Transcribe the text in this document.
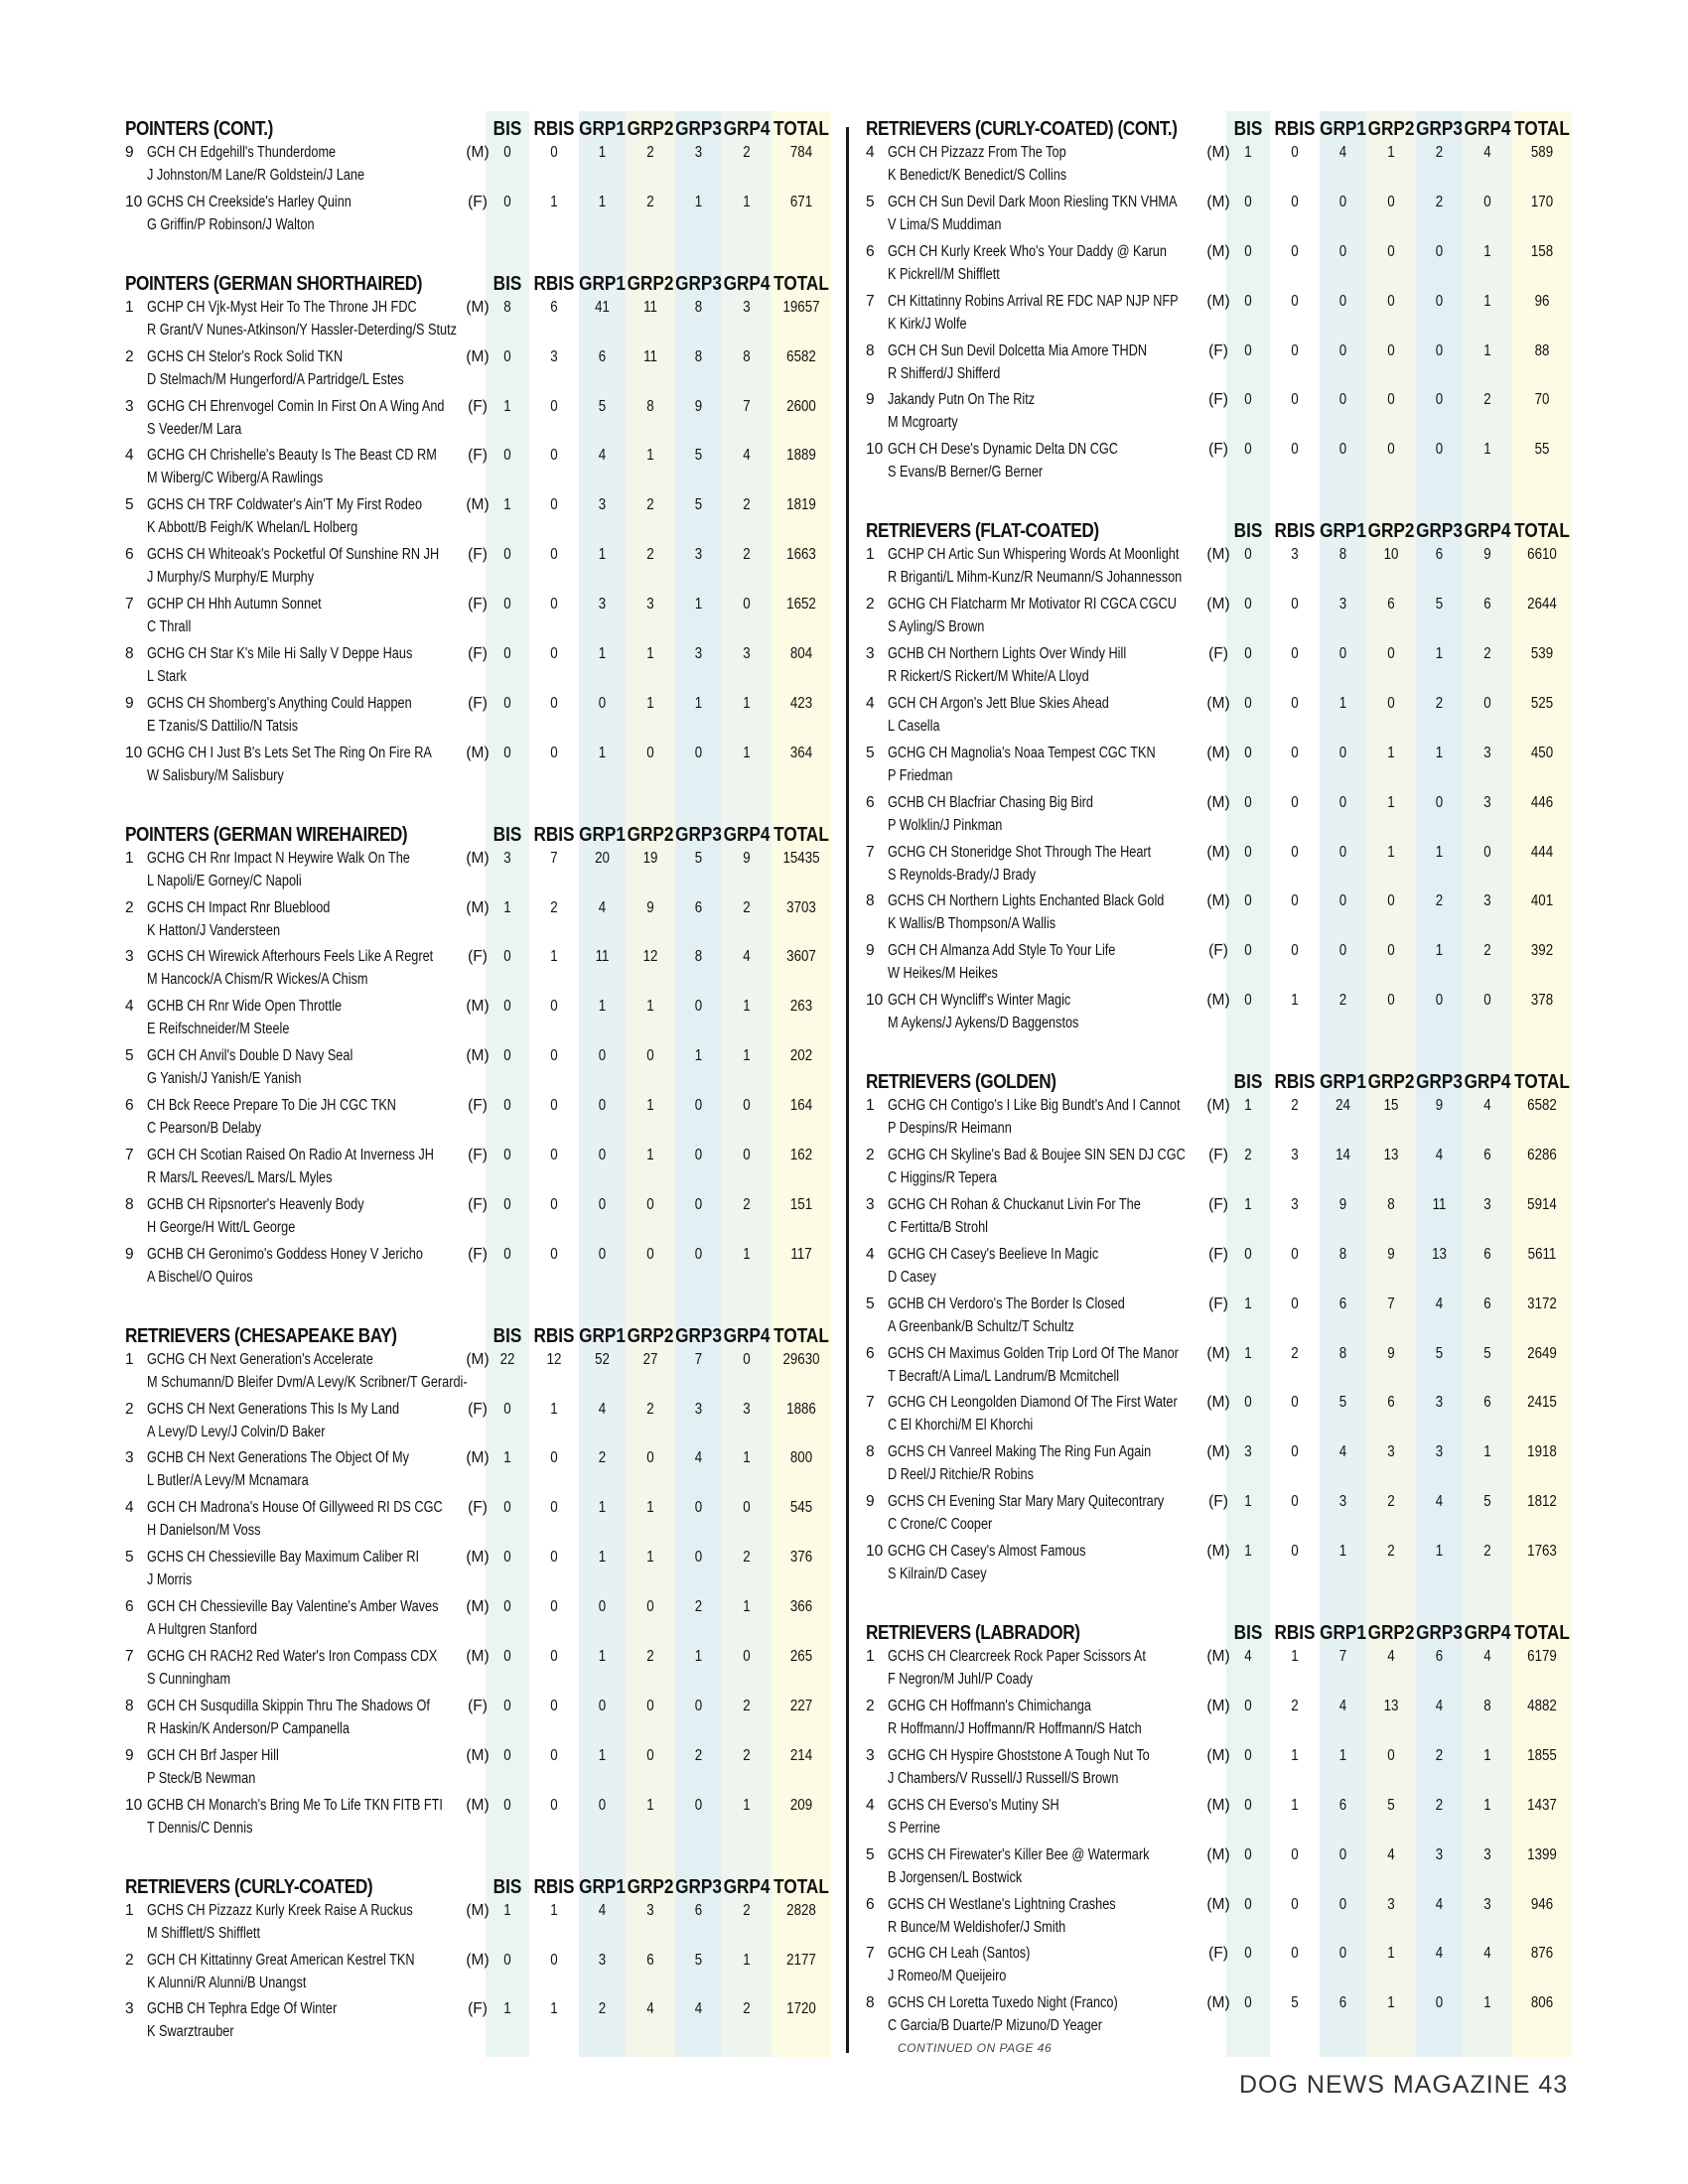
POINTERS (CONT.)	BIS RBIS GRP1 GRP2 GRP3 GRP4 TOTAL
9 GCH CH Edgehill's Thunderdome
J Johnston/M Lane/R Goldstein/J Lane
(M) 0	0	1	2	3	2	784
10 GCHS CH Creekside's Harley Quinn
G Griffin/P Robinson/J Walton
(F)	0	1	1	2	1	1	671
POINTERS (GERMAN SHORTHAIRED)	BIS RBIS GRP1 GRP2 GRP3 GRP4 TOTAL
1 GCHP CH Vjk-Myst Heir To The Throne JH FDC
R Grant/V Nunes-Atkinson/Y Hassler-Deterding/S Stutz
(M) 8	6	41	11	8	3	19657
2 GCHS CH Stelor's Rock Solid TKN
D Stelmach/M Hungerford/A Partridge/L Estes
(M) 0	3	6	11	8	8	6582
3 GCHG CH Ehrenvogel Comin In First On A Wing And
S Veeder/M Lara
(F)	1	0	5	8	9	7	2600
4 GCHG CH Chrishelle's Beauty Is The Beast CD RM
M Wiberg/C Wiberg/A Rawlings
(F)	0	0	4	1	5	4	1889
5 GCHS CH TRF Coldwater's Ain'T My First Rodeo
K Abbott/B Feigh/K Whelan/L Holberg
(M) 1	0	3	2	5	2	1819
6 GCHS CH Whiteoak's Pocketful Of Sunshine RN JH
J Murphy/S Murphy/E Murphy
(F)	0	0	1	2	3	2	1663
7 GCHP CH Hhh Autumn Sonnet
C Thrall
(F)	0	0	3	3	1	0	1652
8 GCHG CH Star K's Mile Hi Sally V Deppe Haus
L Stark
(F)	0	0	1	1	3	3	804
9 GCHS CH Shomberg's Anything Could Happen
E Tzanis/S Dattilio/N Tatsis
(F)	0	0	0	1	1	1	423
10 GCHG CH I Just B's Lets Set The Ring On Fire RA
W Salisbury/M Salisbury
(M) 0	0	1	0	0	1	364
POINTERS (GERMAN WIREHAIRED)	BIS RBIS GRP1 GRP2 GRP3 GRP4 TOTAL
1 GCHG CH Rnr Impact N Heywire Walk On The
L Napoli/E Gorney/C Napoli
(M) 3	7	20	19	5	9	15435
2 GCHS CH Impact Rnr Blueblood
K Hatton/J Vandersteen
(M) 1	2	4	9	6	2	3703
3 GCHS CH Wirewick Afterhours Feels Like A Regret
M Hancock/A Chism/R Wickes/A Chism
(F)	0	1	11	12	8	4	3607
4 GCHB CH Rnr Wide Open Throttle
E Reifschneider/M Steele
(M) 0	0	1	1	0	1	263
5 GCH CH Anvil's Double D Navy Seal
G Yanish/J Yanish/E Yanish
(M) 0	0	0	0	1	1	202
6 CH Bck Reece Prepare To Die JH CGC TKN
C Pearson/B Delaby
(F)	0	0	0	1	0	0	164
7 GCH CH Scotian Raised On Radio At Inverness JH
R Mars/L Reeves/L Mars/L Myles
(F)	0	0	0	1	0	0	162
8 GCHB CH Ripsnorter's Heavenly Body
H George/H Witt/L George
(F)	0	0	0	0	0	2	151
9 GCHB CH Geronimo's Goddess Honey V Jericho
A Bischel/O Quiros
(F)	0	0	0	0	0	1	117
RETRIEVERS (CHESAPEAKE BAY)	BIS RBIS GRP1 GRP2 GRP3 GRP4 TOTAL
1 GCHG CH Next Generation's Accelerate
M Schumann/D Bleifer Dvm/A Levy/K Scribner/T Gerardi-
(M) 22	12	52	27	7	0	29630
2 GCHS CH Next Generations This Is My Land
A Levy/D Levy/J Colvin/D Baker
(F)	0	1	4	2	3	3	1886
3 GCHB CH Next Generations The Object Of My
L Butler/A Levy/M Mcnamara
(M) 1	0	2	0	4	1	800
4 GCH CH Madrona's House Of Gillyweed RI DS CGC
H Danielson/M Voss
(F)	0	0	1	1	0	0	545
5 GCHS CH Chessieville Bay Maximum Caliber RI
J Morris
(M) 0	0	1	1	0	2	376
6 GCH CH Chessieville Bay Valentine's Amber Waves
A Hultgren Stanford
(M) 0	0	0	0	2	1	366
7 GCHG CH RACH2 Red Water's Iron Compass CDX
S Cunningham
(M) 0	0	1	2	1	0	265
8 GCH CH Susqudilla Skippin Thru The Shadows Of
R Haskin/K Anderson/P Campanella
(F)	0	0	0	0	0	2	227
9 GCH CH Brf Jasper Hill
P Steck/B Newman
(M) 0	0	1	0	2	2	214
10 GCHB CH Monarch's Bring Me To Life TKN FITB FTI
T Dennis/C Dennis
(M) 0	0	0	1	0	1	209
RETRIEVERS (CURLY-COATED)	BIS RBIS GRP1 GRP2 GRP3 GRP4 TOTAL
1 GCHS CH Pizzazz Kurly Kreek Raise A Ruckus
M Shifflett/S Shifflett
(M) 1	1	4	3	6	2	2828
2 GCH CH Kittatinny Great American Kestrel TKN
K Alunni/R Alunni/B Unangst
(M) 0	0	3	6	5	1	2177
3 GCHB CH Tephra Edge Of Winter
K Swarztrauber
(F)	1	1	2	4	4	2	1720
RETRIEVERS (CURLY-COATED) (CONT.)	BIS RBIS GRP1 GRP2 GRP3 GRP4 TOTAL
4 GCH CH Pizzazz From The Top
K Benedict/K Benedict/S Collins
(M) 1	0	4	1	2	4	589
5 GCH CH Sun Devil Dark Moon Riesling TKN VHMA
V Lima/S Muddiman
(M) 0	0	0	0	2	0	170
6 GCH CH Kurly Kreek Who's Your Daddy @ Karun
K Pickrell/M Shifflett
(M) 0	0	0	0	0	1	158
7 CH Kittatinny Robins Arrival RE FDC NAP NJP NFP
K Kirk/J Wolfe
(M) 0	0	0	0	0	1	96
8 GCH CH Sun Devil Dolcetta Mia Amore THDN
R Shifferd/J Shifferd
(F)	0	0	0	0	0	1	88
9 Jakandy Putn On The Ritz
M Mcgroarty
(F)	0	0	0	0	0	2	70
10 GCH CH Dese's Dynamic Delta DN CGC
S Evans/B Berner/G Berner
(F)	0	0	0	0	0	1	55
RETRIEVERS (FLAT-COATED)	BIS RBIS GRP1 GRP2 GRP3 GRP4 TOTAL
1 GCHP CH Artic Sun Whispering Words At Moonlight
R Briganti/L Mihm-Kunz/R Neumann/S Johannesson
(M) 0	3	8	10	6	9	6610
2 GCHG CH Flatcharm Mr Motivator RI CGCA CGCU
S Ayling/S Brown
(M) 0	0	3	6	5	6	2644
3 GCHB CH Northern Lights Over Windy Hill
R Rickert/S Rickert/M White/A Lloyd
(F)	0	0	0	0	1	2	539
4 GCH CH Argon's Jett Blue Skies Ahead
L Casella
(M) 0	0	1	0	2	0	525
5 GCHG CH Magnolia's Noaa Tempest CGC TKN
P Friedman
(M) 0	0	0	1	1	3	450
6 GCHB CH Blacfriar Chasing Big Bird
P Wolklin/J Pinkman
(M) 0	0	0	1	0	3	446
7 GCHG CH Stoneridge Shot Through The Heart
S Reynolds-Brady/J Brady
(M) 0	0	0	1	1	0	444
8 GCHS CH Northern Lights Enchanted Black Gold
K Wallis/B Thompson/A Wallis
(M) 0	0	0	0	2	3	401
9 GCH CH Almanza Add Style To Your Life
W Heikes/M Heikes
(F)	0	0	0	0	1	2	392
10 GCH CH Wyncliff's Winter Magic
M Aykens/J Aykens/D Baggenstos
(M) 0	1	2	0	0	0	378
RETRIEVERS (GOLDEN)	BIS RBIS GRP1 GRP2 GRP3 GRP4 TOTAL
1 GCHG CH Contigo's I Like Big Bundt's And I Cannot
P Despins/R Heimann
(M) 1	2	24	15	9	4	6582
2 GCHG CH Skyline's Bad & Boujee SIN SEN DJ CGC
C Higgins/R Tepera
(F)	2	3	14	13	4	6	6286
3 GCHG CH Rohan & Chuckanut Livin For The
C Fertitta/B Strohl
(F)	1	3	9	8	11	3	5914
4 GCHG CH Casey's Beelieve In Magic
D Casey
(F)	0	0	8	9	13	6	5611
5 GCHB CH Verdoro's The Border Is Closed
A Greenbank/B Schultz/T Schultz
(F)	1	0	6	7	4	6	3172
6 GCHS CH Maximus Golden Trip Lord Of The Manor
T Becraft/A Lima/L Landrum/B Mcmitchell
(M) 1	2	8	9	5	5	2649
7 GCHG CH Leongolden Diamond Of The First Water
C El Khorchi/M El Khorchi
(M) 0	0	5	6	3	6	2415
8 GCHS CH Vanreel Making The Ring Fun Again
D Reel/J Ritchie/R Robins
(M) 3	0	4	3	3	1	1918
9 GCHS CH Evening Star Mary Mary Quitecontrary
C Crone/C Cooper
(F)	1	0	3	2	4	5	1812
10 GCHG CH Casey's Almost Famous
S Kilrain/D Casey
(M) 1	0	1	2	1	2	1763
RETRIEVERS (LABRADOR)	BIS RBIS GRP1 GRP2 GRP3 GRP4 TOTAL
1 GCHS CH Clearcreek Rock Paper Scissors At
F Negron/M Juhl/P Coady
(M) 4	1	7	4	6	4	6179
2 GCHG CH Hoffmann's Chimichanga
R Hoffmann/J Hoffmann/R Hoffmann/S Hatch
(M) 0	2	4	13	4	8	4882
3 GCHG CH Hyspire Ghoststone A Tough Nut To
J Chambers/V Russell/J Russell/S Brown
(M) 0	1	1	0	2	1	1855
4 GCHS CH Everso's Mutiny SH
S Perrine
(M) 0	1	6	5	2	1	1437
5 GCHS CH Firewater's Killer Bee @ Watermark
B Jorgensen/L Bostwick
(M) 0	0	0	4	3	3	1399
6 GCHS CH Westlane's Lightning Crashes
R Bunce/M Weldishofer/J Smith
(M) 0	0	0	3	4	3	946
7 GCHG CH Leah (Santos)
J Romeo/M Queijeiro
(F)	0	0	0	1	4	4	876
8 GCHS CH Loretta Tuxedo Night (Franco)
C Garcia/B Duarte/P Mizuno/D Yeager
(M) 0	5	6	1	0	1	806
CONTINUED ON PAGE 46
DOG NEWS MAGAZINE 43
